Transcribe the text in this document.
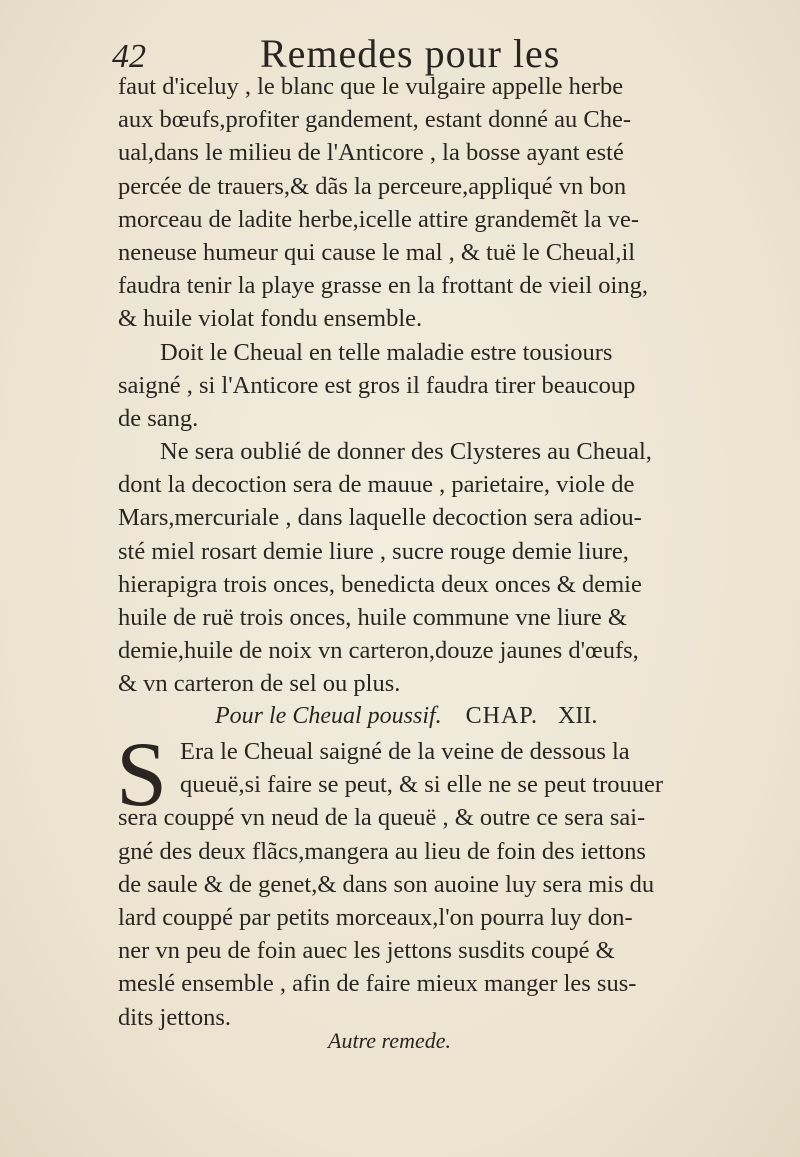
42	Remedes pour les
faut d'iceluy , le blanc que le vulgaire appelle herbe
aux bœufs,profiter gandement, estant donné au Che-
ual,dans le milieu de l'Anticore , la bosse ayant esté
percée de trauers,& dãs la perceure,appliqué vn bon
morceau de ladite herbe,icelle attire grandemẽt la ve-
neneuse humeur qui cause le mal , & tuë le Cheual,il
faudra tenir la playe grasse en la frottant de vieil oing,
& huile violat fondu ensemble.
Doit le Cheual en telle maladie estre tousiours
saigné , si l'Anticore est gros il faudra tirer beaucoup
de sang.
Ne sera oublié de donner des Clysteres au Cheual,
dont la decoction sera de mauue , parietaire, viole de
Mars,mercuriale , dans laquelle decoction sera adiou-
sté miel rosart demie liure , sucre rouge demie liure,
hierapigra trois onces, benedicta deux onces & demie
huile de ruë trois onces, huile commune vne liure &
demie,huile de noix vn carteron,douze jaunes d'œufs,
& vn carteron de sel ou plus.
Pour le Cheual poussif. CHAP. XII.
S Era le Cheual saigné de la veine de dessous la
queuë,si faire se peut, & si elle ne se peut trouuer
sera couppé vn neud de la queuë , & outre ce sera sai-
gné des deux flãcs,mangera au lieu de foin des iettons
de saule & de genet,& dans son auoine luy sera mis du
lard couppé par petits morceaux,l'on pourra luy don-
ner vn peu de foin auec les jettons susdits coupé &
meslé ensemble , afin de faire mieux manger les sus-
dits jettons.
Autre remede.
